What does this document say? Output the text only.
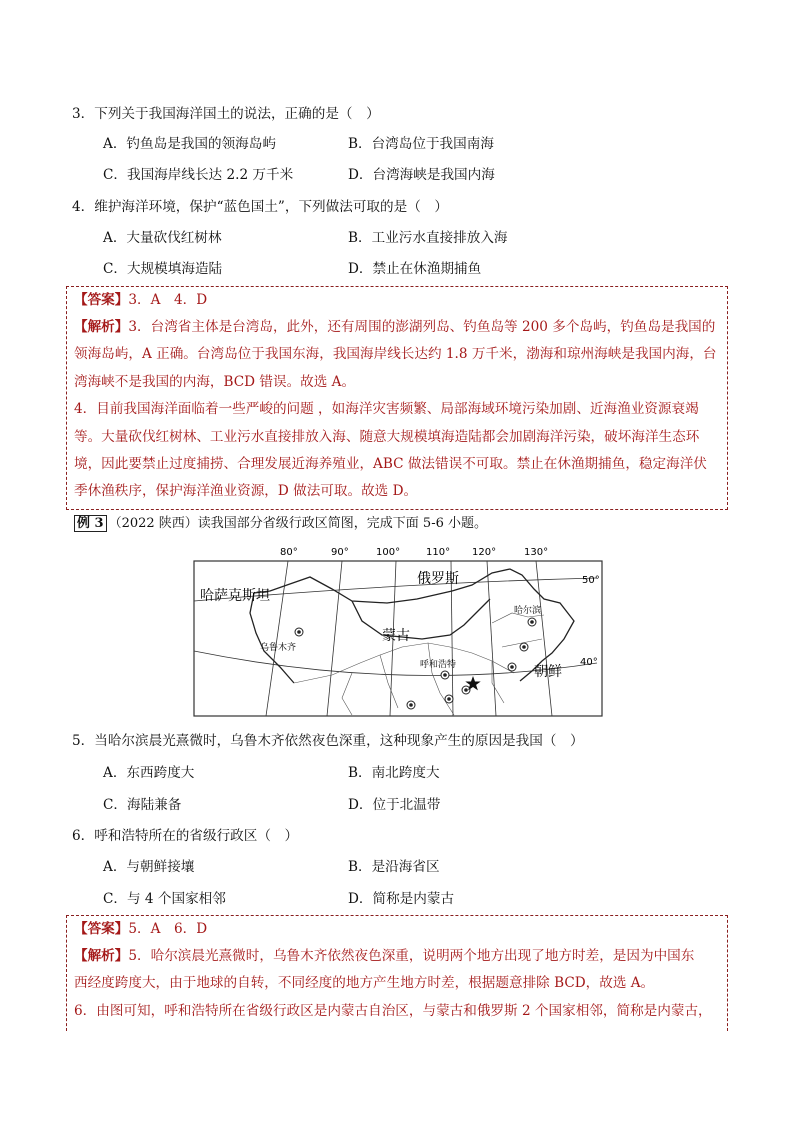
3．下列关于我国海洋国土的说法，正确的是（　）
A．钓鱼岛是我国的领海岛屿	B．台湾岛位于我国南海
C．我国海岸线长达 2.2 万千米	D．台湾海峡是我国内海
4．维护海洋环境，保护“蓝色国土”，下列做法可取的是（　）
A．大量砍伐红树林	B．工业污水直接排放入海
C．大规模填海造陆	D．禁止在休渔期捕鱼
【答案】3．A　4．D
【解析】3．台湾省主体是台湾岛，此外，还有周围的澎湖列岛、钓鱼岛等 200 多个岛屿，钓鱼岛是我国的
领海岛屿，A 正确。台湾岛位于我国东海，我国海岸线长达约 1.8 万千米，渤海和琼州海峡是我国内海，台
湾海峡不是我国的内海，BCD 错误。故选 A。
4．目前我国海洋面临着一些严峻的问题 ，如海洋灾害频繁、局部海域环境污染加剧、近海渔业资源衰竭
等。大量砍伐红树林、工业污水直接排放入海、随意大规模填海造陆都会加剧海洋污染，破坏海洋生态环
境，因此要禁止过度捕捞、合理发展近海养殖业，ABC 做法错误不可取。禁止在休渔期捕鱼，稳定海洋伏
季休渔秩序，保护海洋渔业资源，D 做法可取。故选 D。
例 3 （2022 陕西）读我国部分省级行政区简图，完成下面 5-6 小题。
80°	90°	100°	110° 120°	130°
50°
40°
哈萨克斯坦
俄罗斯
蒙古
朝鲜
乌鲁木齐
呼和浩特
哈尔滨
5．当哈尔滨晨光熹微时，乌鲁木齐依然夜色深重，这种现象产生的原因是我国（　）
A．东西跨度大	B．南北跨度大
C．海陆兼备	D．位于北温带
6．呼和浩特所在的省级行政区（　）
A．与朝鲜接壤	B．是沿海省区
C．与 4 个国家相邻	D．简称是内蒙古
【答案】5．A　6．D
【解析】5．哈尔滨晨光熹微时，乌鲁木齐依然夜色深重，说明两个地方出现了地方时差，是因为中国东
西经度跨度大，由于地球的自转，不同经度的地方产生地方时差，根据题意排除 BCD，故选 A。
6．由图可知，呼和浩特所在省级行政区是内蒙古自治区，与蒙古和俄罗斯 2 个国家相邻，简称是内蒙古，
